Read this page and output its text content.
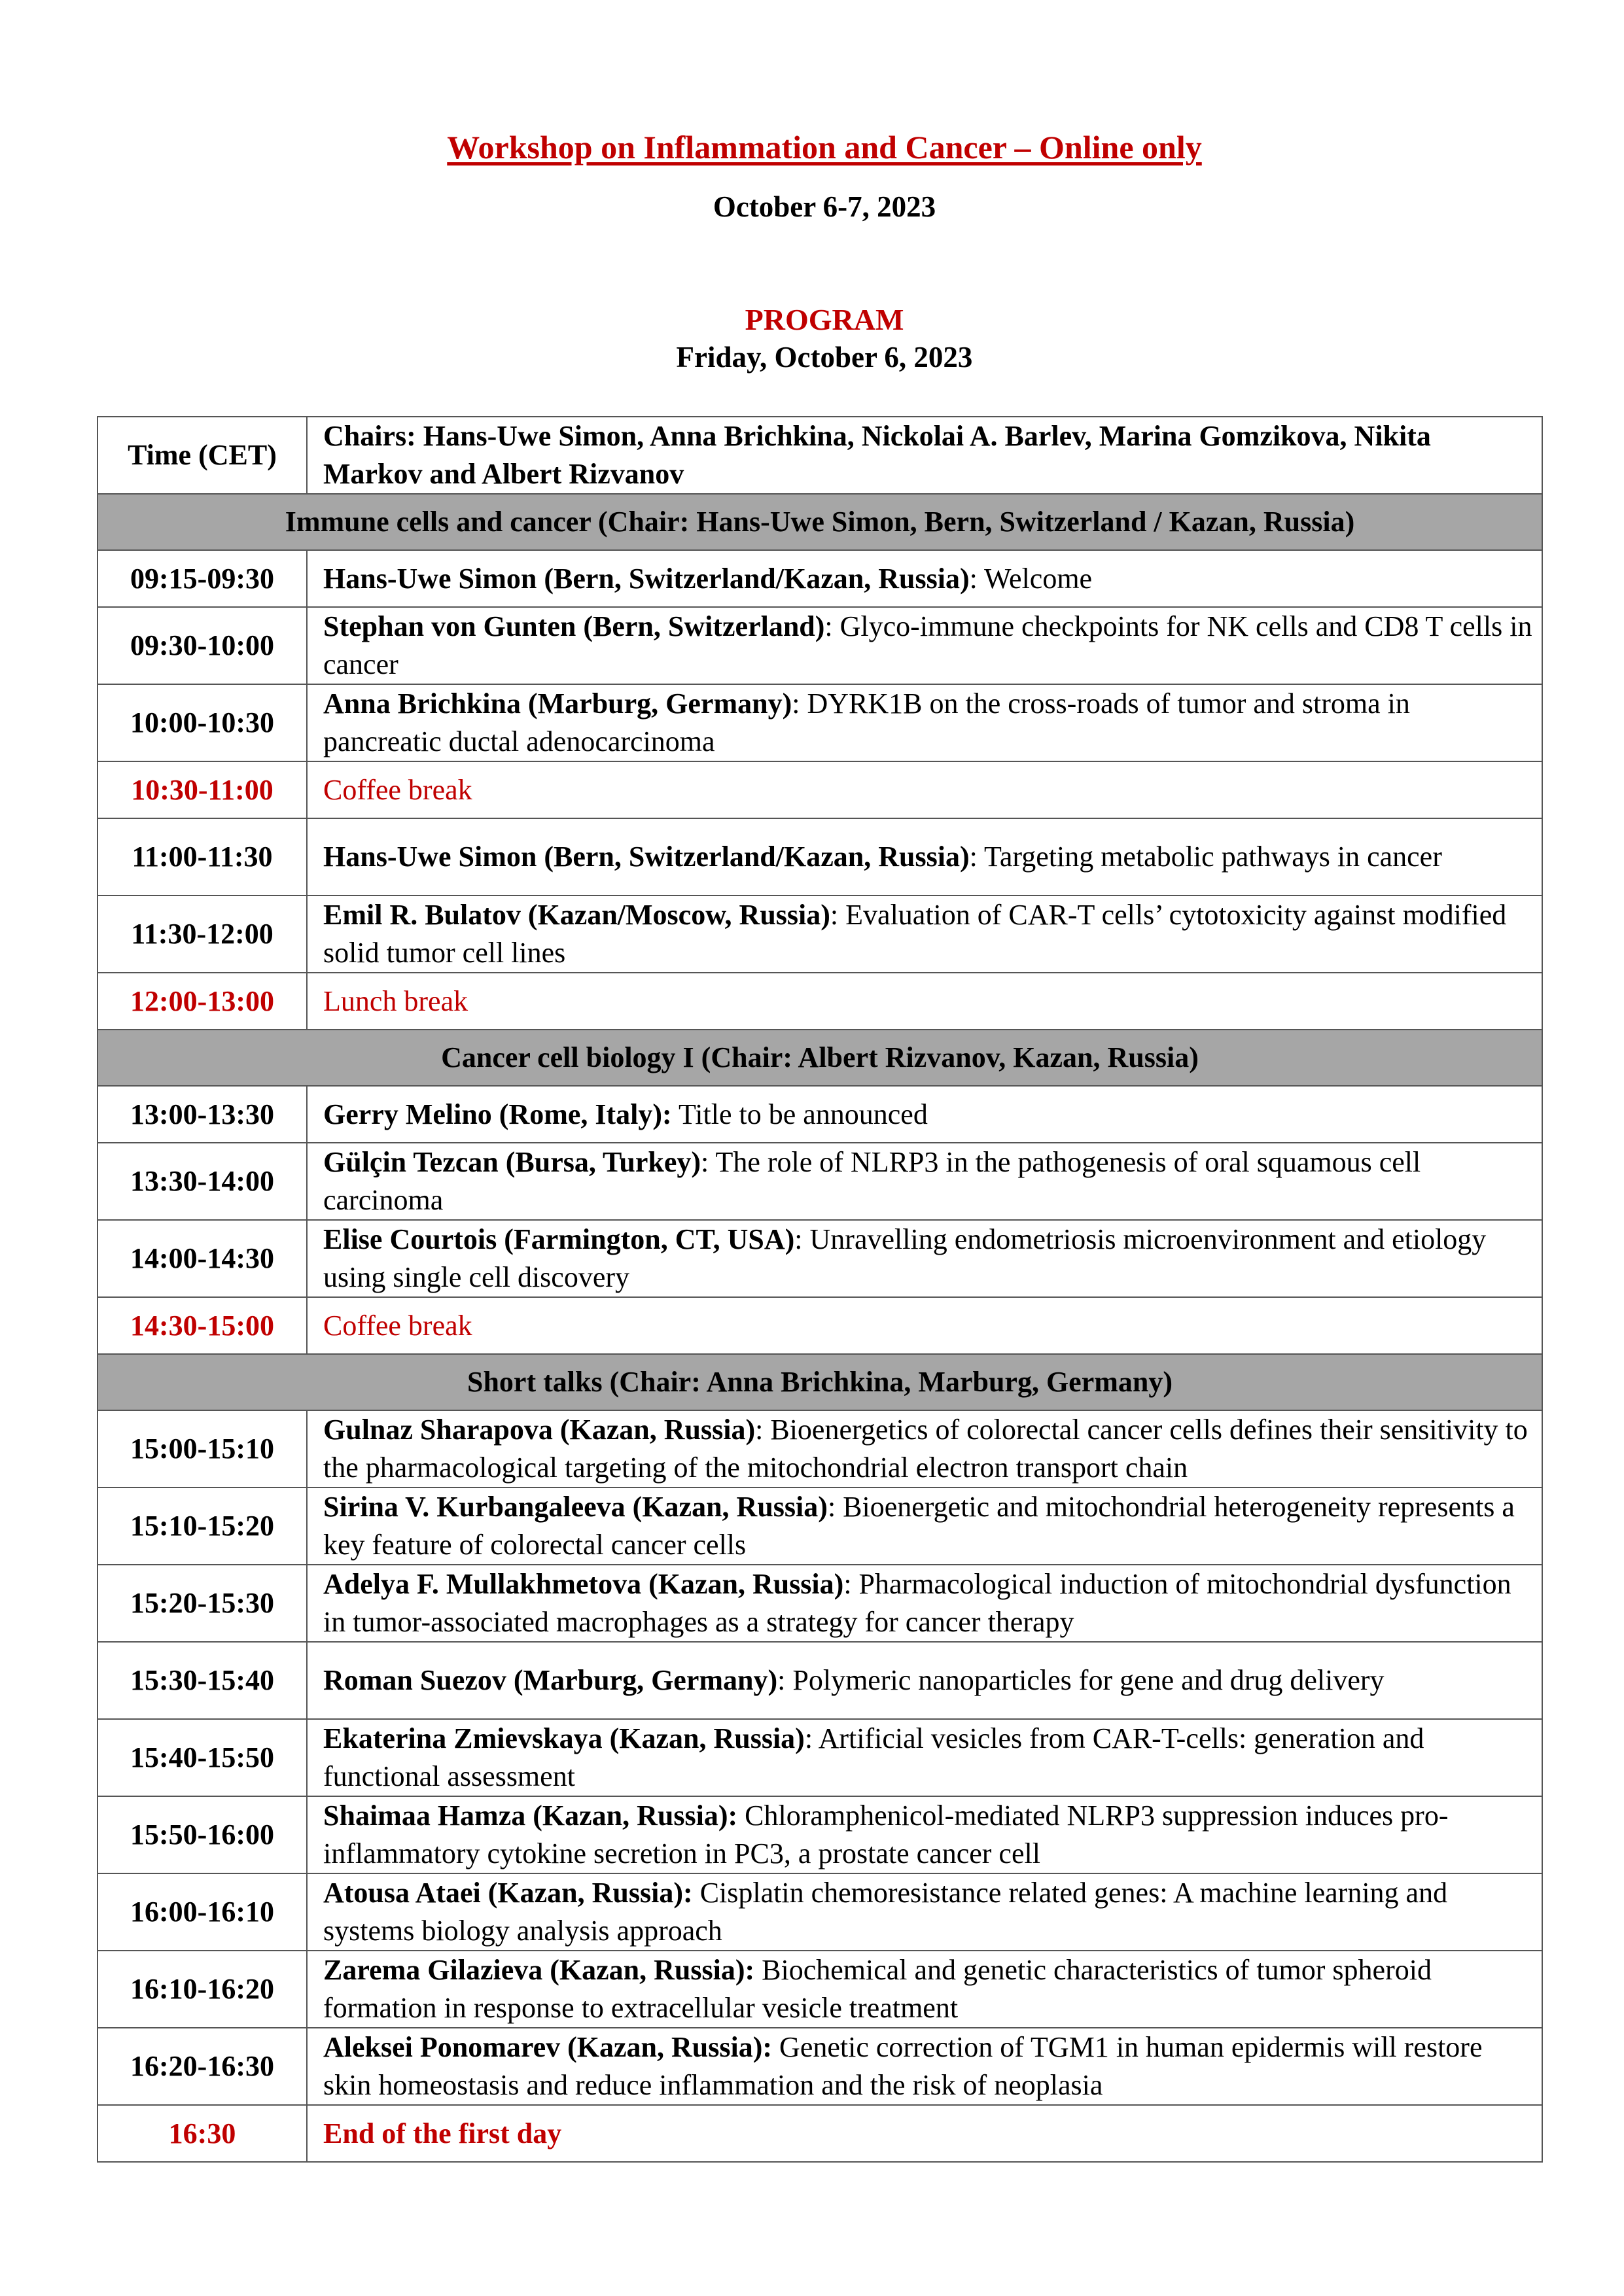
Workshop on Inflammation and Cancer – Online only
October 6-7, 2023
PROGRAM
Friday, October 6, 2023
Time (CET)	Chairs: Hans-Uwe Simon, Anna Brichkina, Nickolai A. Barlev, Marina Gomzikova, Nikita Markov and Albert Rizvanov
Immune cells and cancer (Chair: Hans-Uwe Simon, Bern, Switzerland / Kazan, Russia)	
09:15-09:30	Hans-Uwe Simon (Bern, Switzerland/Kazan, Russia): Welcome
09:30-10:00	Stephan von Gunten (Bern, Switzerland): Glyco-immune checkpoints for NK cells and CD8 T cells in cancer
10:00-10:30	Anna Brichkina (Marburg, Germany): DYRK1B on the cross-roads of tumor and stroma in pancreatic ductal adenocarcinoma
10:30-11:00	Coffee break
11:00-11:30	Hans-Uwe Simon (Bern, Switzerland/Kazan, Russia): Targeting metabolic pathways in cancer
11:30-12:00	Emil R. Bulatov (Kazan/Moscow, Russia): Evaluation of CAR-T cells’ cytotoxicity against modified solid tumor cell lines
12:00-13:00	Lunch break
Cancer cell biology I (Chair: Albert Rizvanov, Kazan, Russia)	
13:00-13:30	Gerry Melino (Rome, Italy): Title to be announced
13:30-14:00	Gülçin Tezcan (Bursa, Turkey): The role of NLRP3 in the pathogenesis of oral squamous cell carcinoma
14:00-14:30	Elise Courtois (Farmington, CT, USA): Unravelling endometriosis microenvironment and etiology using single cell discovery
14:30-15:00	Coffee break
Short talks (Chair: Anna Brichkina, Marburg, Germany)	
15:00-15:10	Gulnaz Sharapova (Kazan, Russia): Bioenergetics of colorectal cancer cells defines their sensitivity to the pharmacological targeting of the mitochondrial electron transport chain
15:10-15:20	Sirina V. Kurbangaleeva (Kazan, Russia): Bioenergetic and mitochondrial heterogeneity represents a key feature of colorectal cancer cells
15:20-15:30	Adelya F. Mullakhmetova (Kazan, Russia): Pharmacological induction of mitochondrial dysfunction in tumor-associated macrophages as a strategy for cancer therapy
15:30-15:40	Roman Suezov (Marburg, Germany): Polymeric nanoparticles for gene and drug delivery
15:40-15:50	Ekaterina Zmievskaya (Kazan, Russia): Artificial vesicles from CAR-T-cells: generation and functional assessment
15:50-16:00	Shaimaa Hamza (Kazan, Russia): Chloramphenicol-mediated NLRP3 suppression induces pro-inflammatory cytokine secretion in PC3, a prostate cancer cell
16:00-16:10	Atousa Ataei (Kazan, Russia): Cisplatin chemoresistance related genes: A machine learning and systems biology analysis approach
16:10-16:20	Zarema Gilazieva (Kazan, Russia): Biochemical and genetic characteristics of tumor spheroid formation in response to extracellular vesicle treatment
16:20-16:30	Aleksei Ponomarev (Kazan, Russia): Genetic correction of TGM1 in human epidermis will restore skin homeostasis and reduce inflammation and the risk of neoplasia
16:30	End of the first day
